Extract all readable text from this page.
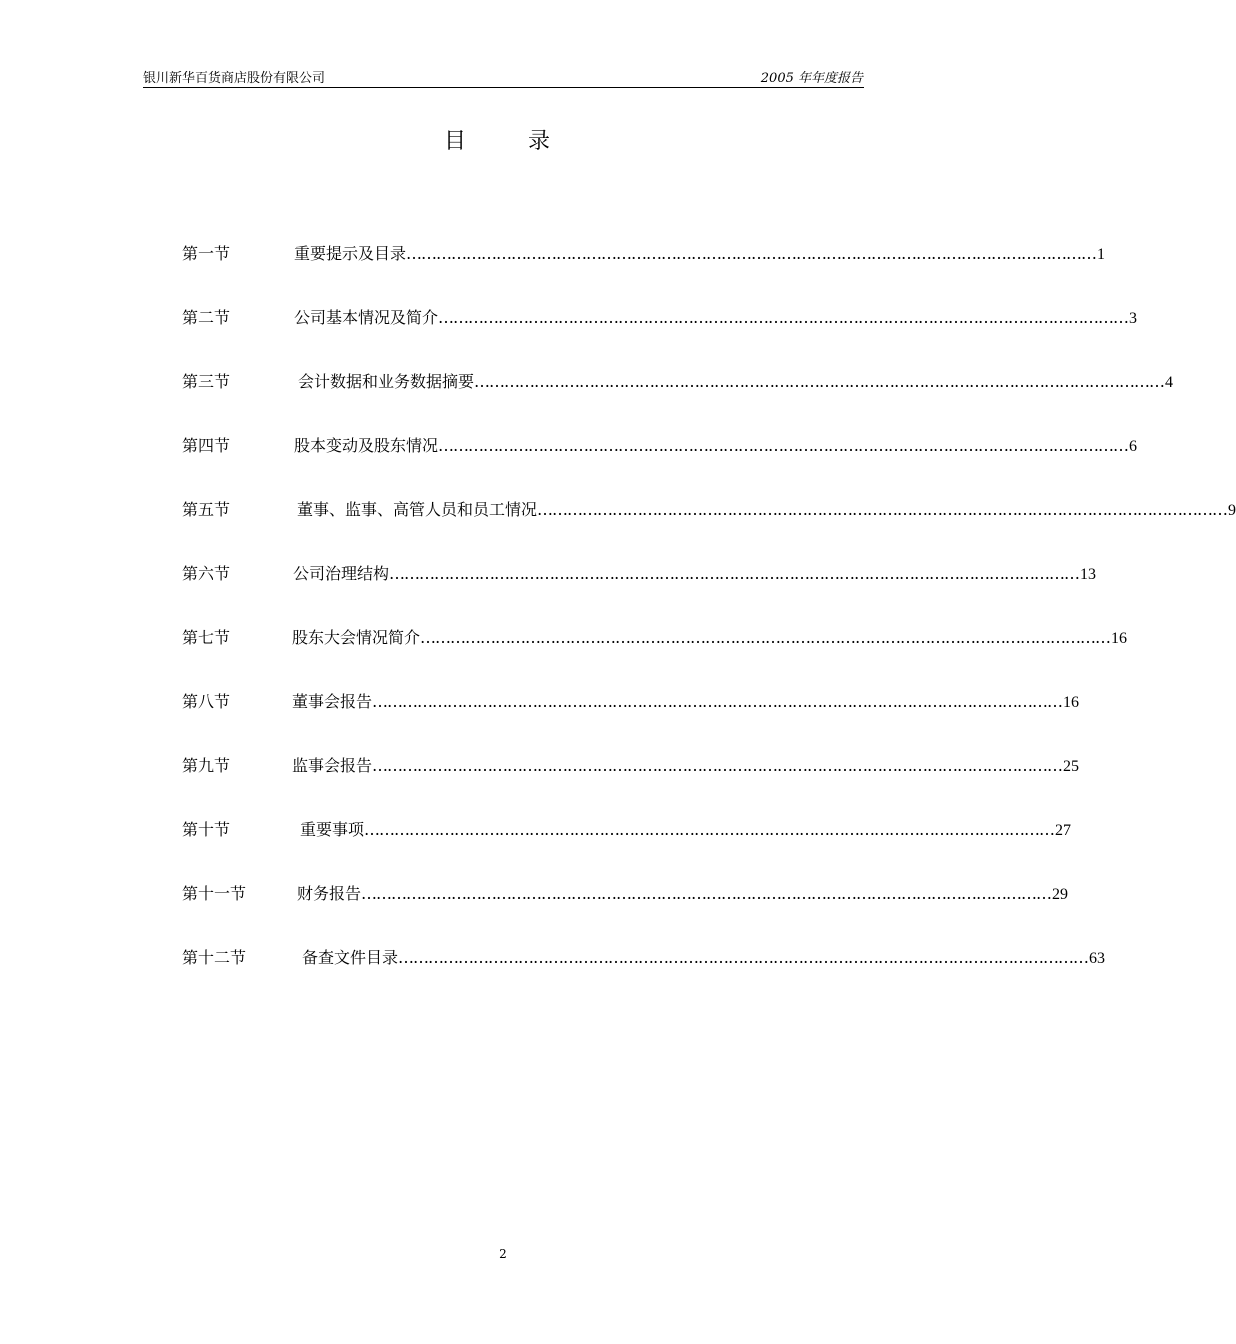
银川新华百货商店股份有限公司	2005 年年度报告
目录
第一节	重要提示及目录 ………………………………………………………………………………………………………………………… 1
第二节	公司基本情况及简介 ………………………………………………………………………………………………………………………… 3
第三节	会计数据和业务数据摘要 ………………………………………………………………………………………………………………………… 4
第四节	股本变动及股东情况 ………………………………………………………………………………………………………………………… 6
第五节	董事、监事、高管人员和员工情况 ………………………………………………………………………………………………………………………… 9
第六节	公司治理结构 ………………………………………………………………………………………………………………………… 13
第七节	股东大会情况简介 ………………………………………………………………………………………………………………………… 16
第八节	董事会报告 ………………………………………………………………………………………………………………………… 16
第九节	监事会报告 ………………………………………………………………………………………………………………………… 25
第十节	重要事项 ………………………………………………………………………………………………………………………… 27
第十一节	财务报告 ………………………………………………………………………………………………………………………… 29
第十二节	备查文件目录 ………………………………………………………………………………………………………………………… 63
2
